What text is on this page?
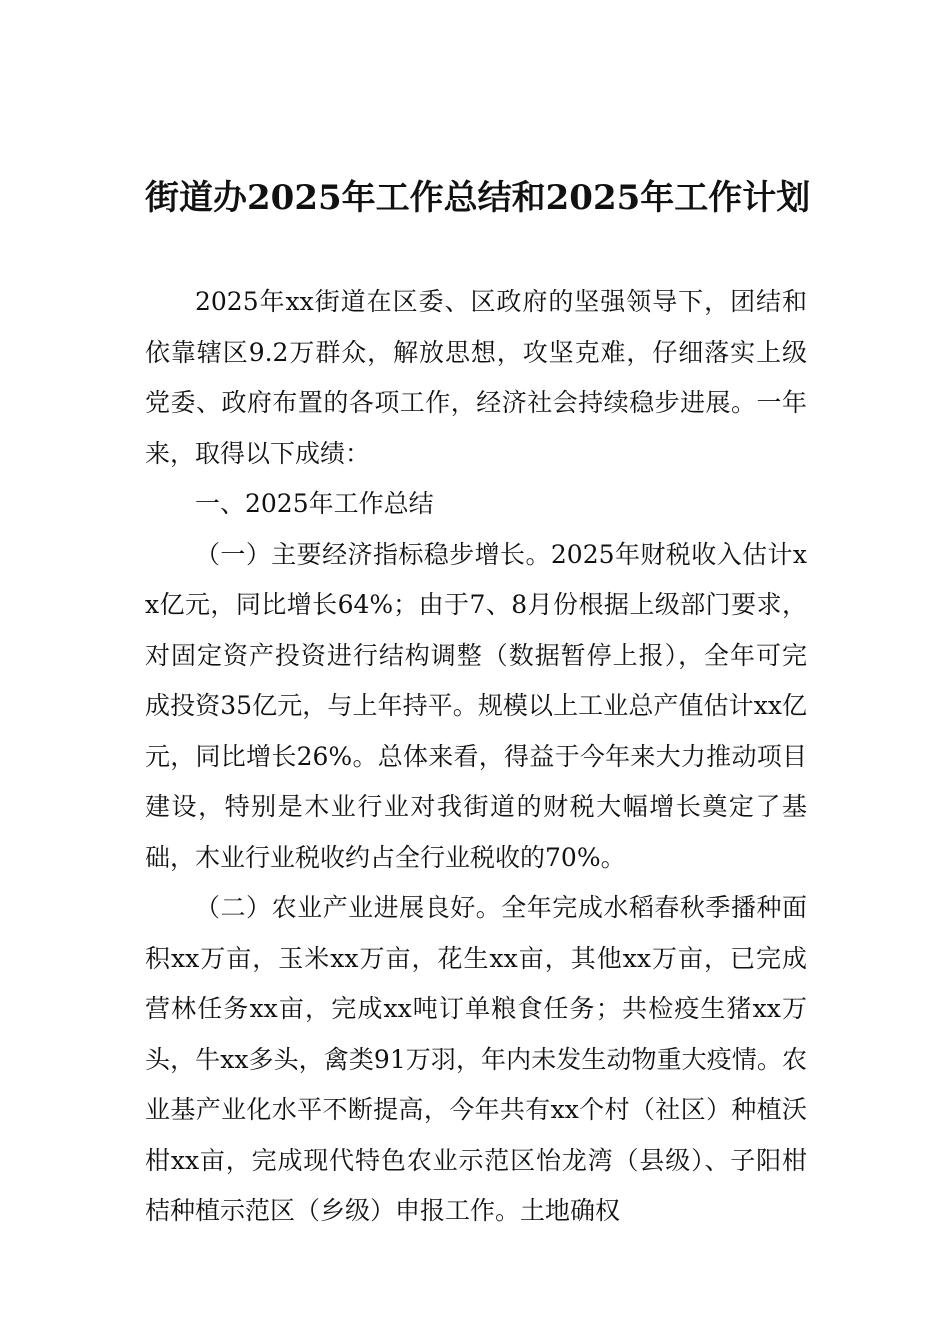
街道办2025年工作总结和2025年工作计划

2025年xx街道在区委、区政府的坚强领导下，团结和依靠辖区9.2万群众，解放思想，攻坚克难，仔细落实上级党委、政府布置的各项工作，经济社会持续稳步进展。一年来，取得以下成绩：

一、2025年工作总结

（一）主要经济指标稳步增长。2025年财税收入估计xx亿元，同比增长64%；由于7、8月份根据上级部门要求，对固定资产投资进行结构调整（数据暂停上报），全年可完成投资35亿元，与上年持平。规模以上工业总产值估计xx亿元，同比增长26%。总体来看，得益于今年来大力推动项目建设，特别是木业行业对我街道的财税大幅增长奠定了基础，木业行业税收约占全行业税收的70%。

（二）农业产业进展良好。全年完成水稻春秋季播种面积xx万亩，玉米xx万亩，花生xx亩，其他xx万亩，已完成营林任务xx亩，完成xx吨订单粮食任务；共检疫生猪xx万头，牛xx多头，禽类91万羽，年内未发生动物重大疫情。农业基产业化水平不断提高，今年共有xx个村（社区）种植沃柑xx亩，完成现代特色农业示范区怡龙湾（县级）、子阳柑桔种植示范区（乡级）申报工作。土地确权
